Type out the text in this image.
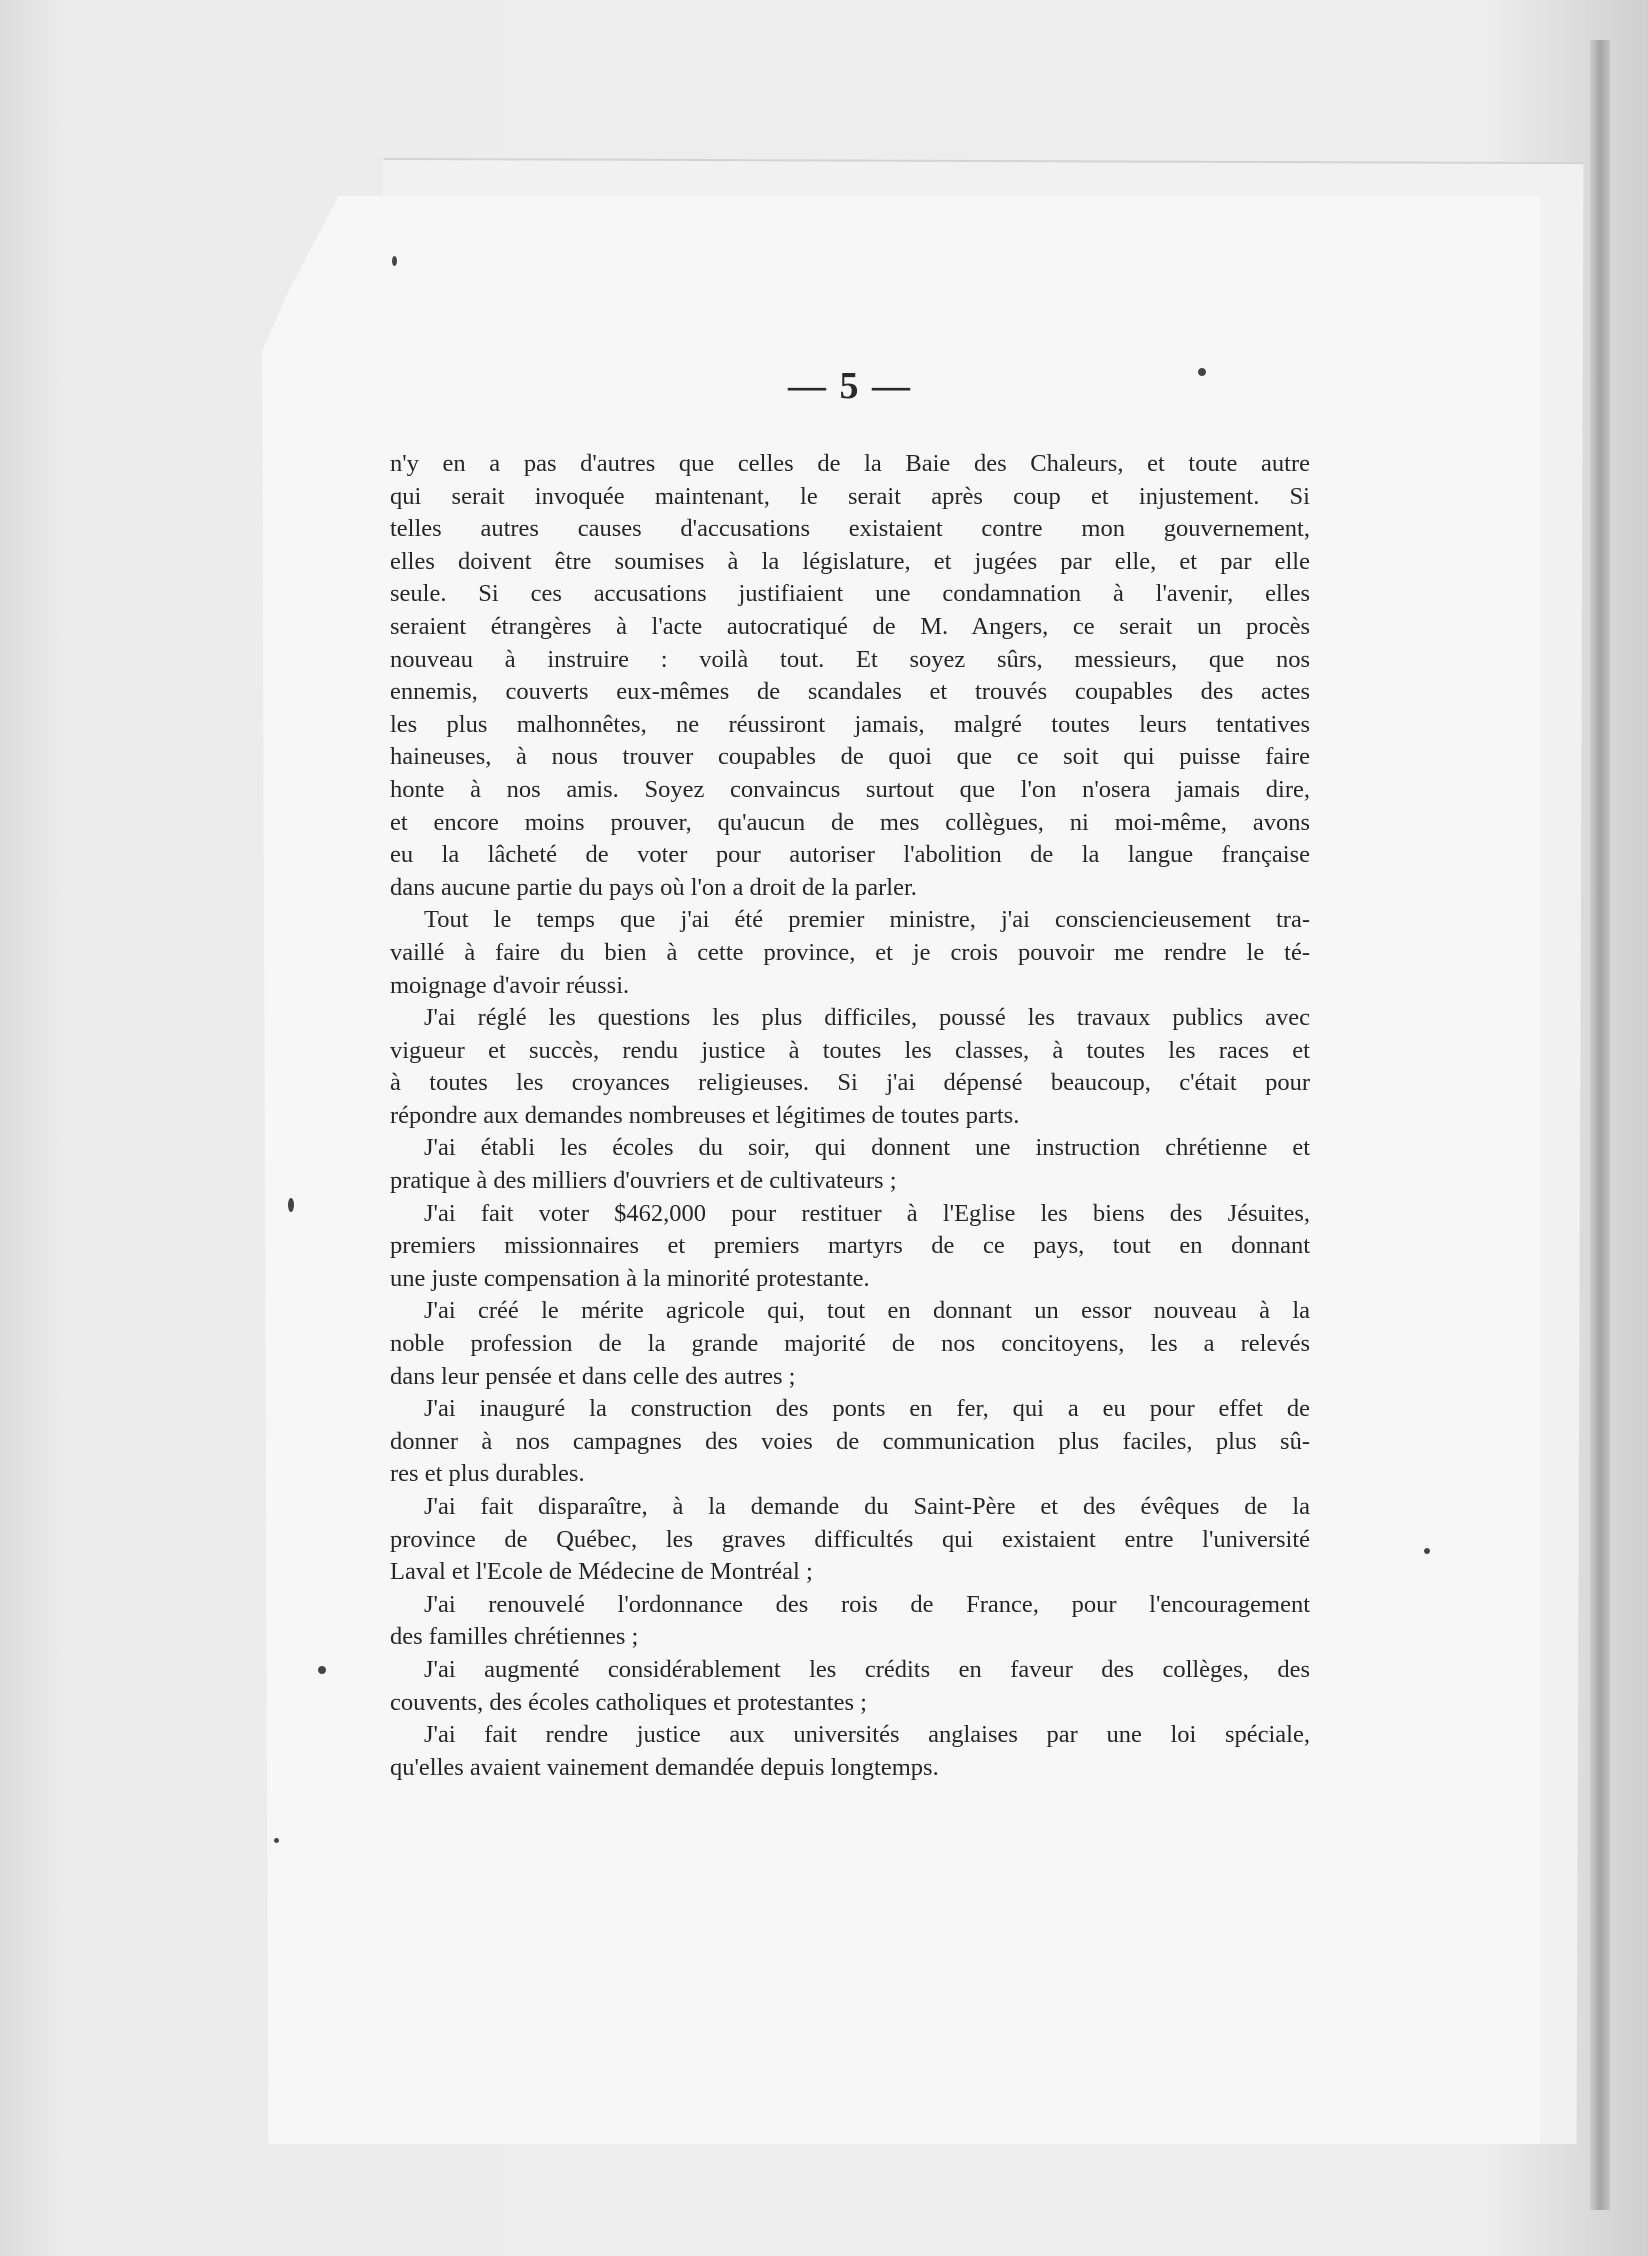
— 5 —
n'y en a pas d'autres que celles de la Baie des Chaleurs, et toute autre
qui serait invoquée maintenant, le serait après coup et injustement. Si
telles autres causes d'accusations existaient contre mon gouvernement,
elles doivent être soumises à la législature, et jugées par elle, et par elle
seule. Si ces accusations justifiaient une condamnation à l'avenir, elles
seraient étrangères à l'acte autocratiqué de M. Angers, ce serait un procès
nouveau à instruire : voilà tout. Et soyez sûrs, messieurs, que nos
ennemis, couverts eux-mêmes de scandales et trouvés coupables des actes
les plus malhonnêtes, ne réussiront jamais, malgré toutes leurs tentatives
haineuses, à nous trouver coupables de quoi que ce soit qui puisse faire
honte à nos amis. Soyez convaincus surtout que l'on n'osera jamais dire,
et encore moins prouver, qu'aucun de mes collègues, ni moi-même, avons
eu la lâcheté de voter pour autoriser l'abolition de la langue française
dans aucune partie du pays où l'on a droit de la parler.
Tout le temps que j'ai été premier ministre, j'ai consciencieusement tra-
vaillé à faire du bien à cette province, et je crois pouvoir me rendre le té-
moignage d'avoir réussi.
J'ai réglé les questions les plus difficiles, poussé les travaux publics avec
vigueur et succès, rendu justice à toutes les classes, à toutes les races et
à toutes les croyances religieuses. Si j'ai dépensé beaucoup, c'était pour
répondre aux demandes nombreuses et légitimes de toutes parts.
J'ai établi les écoles du soir, qui donnent une instruction chrétienne et
pratique à des milliers d'ouvriers et de cultivateurs ;
J'ai fait voter $462,000 pour restituer à l'Eglise les biens des Jésuites,
premiers missionnaires et premiers martyrs de ce pays, tout en donnant
une juste compensation à la minorité protestante.
J'ai créé le mérite agricole qui, tout en donnant un essor nouveau à la
noble profession de la grande majorité de nos concitoyens, les a relevés
dans leur pensée et dans celle des autres ;
J'ai inauguré la construction des ponts en fer, qui a eu pour effet de
donner à nos campagnes des voies de communication plus faciles, plus sû-
res et plus durables.
J'ai fait disparaître, à la demande du Saint-Père et des évêques de la
province de Québec, les graves difficultés qui existaient entre l'université
Laval et l'Ecole de Médecine de Montréal ;
J'ai renouvelé l'ordonnance des rois de France, pour l'encouragement
des familles chrétiennes ;
J'ai augmenté considérablement les crédits en faveur des collèges, des
couvents, des écoles catholiques et protestantes ;
J'ai fait rendre justice aux universités anglaises par une loi spéciale,
qu'elles avaient vainement demandée depuis longtemps.
